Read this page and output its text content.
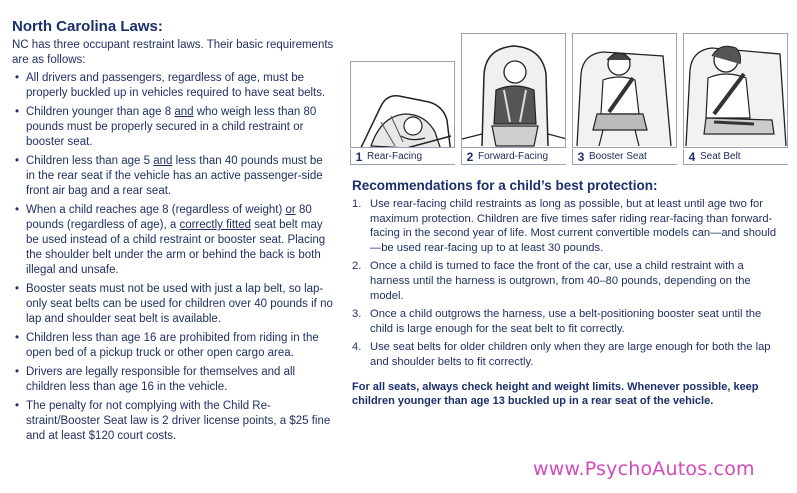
North Carolina Laws:

NC has three occupant restraint laws. Their basic requirements are as follows:

• All drivers and passengers, regardless of age, must be properly buckled up in vehicles required to have seat belts.
• Children younger than age 8 and who weigh less than 80 pounds must be properly secured in a child restraint or booster seat.
• Children less than age 5 and less than 40 pounds must be in the rear seat if the vehicle has an active passenger-side front air bag and a rear seat.
• When a child reaches age 8 (regardless of weight) or 80 pounds (regardless of age), a correctly fitted seat belt may be used instead of a child restraint or booster seat. Placing the shoulder belt under the arm or behind the back is both illegal and unsafe.
• Booster seats must not be used with just a lap belt, so lap-only seat belts can be used for children over 40 pounds if no lap and shoulder seat belt is available.
• Children less than age 16 are prohibited from riding in the open bed of a pickup truck or other open cargo area.
• Drivers are legally responsible for themselves and all children less than age 16 in the vehicle.
• The penalty for not complying with the Child Re-straint/Booster Seat law is 2 driver license points, a $25 fine and at least $120 court costs.
1 Rear-Facing	2 Forward-Facing	3 Booster Seat	4 Seat Belt
Recommendations for a child’s best protection:
1. Use rear-facing child restraints as long as possible, but at least until age two for maximum protection. Children are five times safer riding rear-facing than forward-facing in the second year of life. Most current convertible models can—and should—be used rear-facing up to at least 30 pounds.
2. Once a child is turned to face the front of the car, use a child restraint with a harness until the harness is outgrown, from 40–80 pounds, depending on the model.
3. Once a child outgrows the harness, use a belt-positioning booster seat until the child is large enough for the seat belt to fit correctly.
4. Use seat belts for older children only when they are large enough for both the lap and shoulder belts to fit correctly.

For all seats, always check height and weight limits. Whenever possible, keep children younger than age 13 buckled up in a rear seat of the vehicle.

www.PsychoAutos.com
